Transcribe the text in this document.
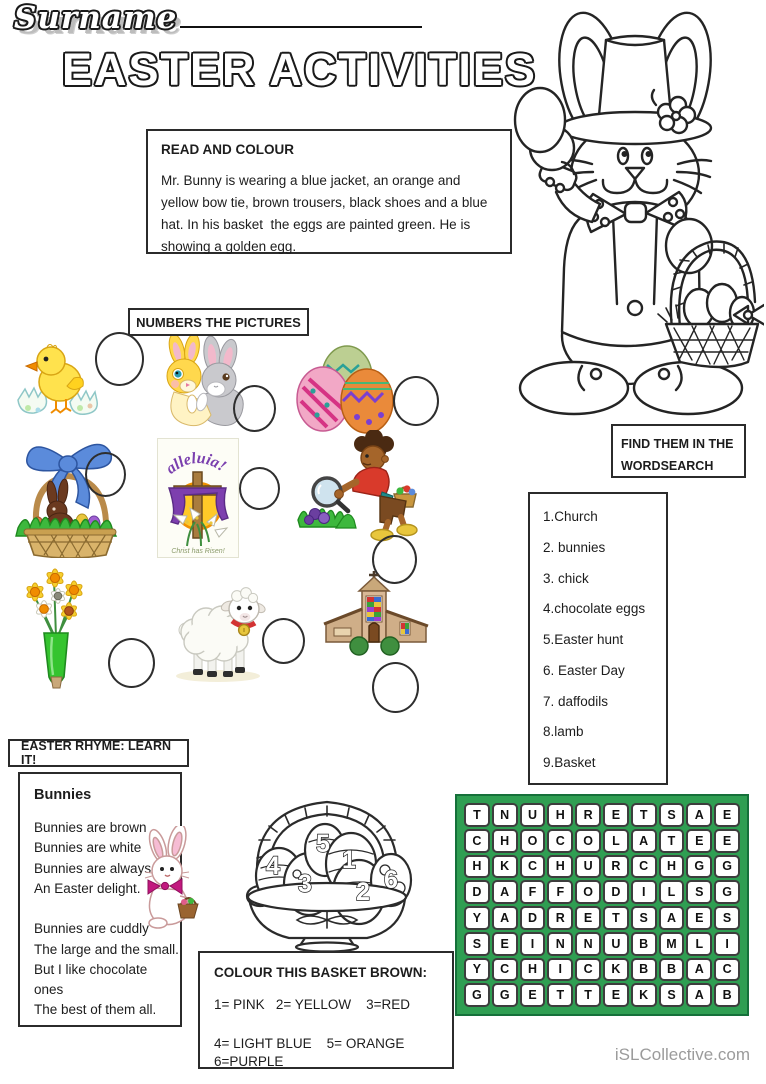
Surname
EASTER ACTIVITIES
READ AND COLOUR

Mr. Bunny is wearing a blue jacket, an orange and yellow bow tie, brown trousers, black shoes and a blue hat. In his basket  the eggs are painted green. He is  showing a golden egg.

NUMBERS THE PICTURES
alleluia!
Christ has Risen!
FIND THEM IN THE
WORDSEARCH
1.Church
2. bunnies
3. chick
4.chocolate eggs
5.Easter hunt
6. Easter Day
7. daffodils
8.lamb
9.Basket
EASTER RHYME: LEARN IT!
Bunnies
Bunnies are brown
Bunnies are white
Bunnies are always
An Easter delight.

Bunnies are cuddly
The large and the small.
But I like chocolate ones
The best of them all.
4
3
5
1
2 6
COLOUR THIS BASKET BROWN:
1= PINK   2= YELLOW    3=RED
4= LIGHT BLUE    5= ORANGE
6=PURPLE
T	N	U	H	R	E	T	S	A	E
C	H	O	C	O	L	A	T	E	E
H	K	C	H	U	R	C	H	G	G
D	A	F	F	O	D	I	L	S	G
Y	A	D	R	E	T	S	A	E	S
S	E	I	N	N	U	B	M	L	I
Y	C	H	I	C	K	B	B	A	C
G	G	E	T	T	E	K	S	A	B
iSLCollective.com
